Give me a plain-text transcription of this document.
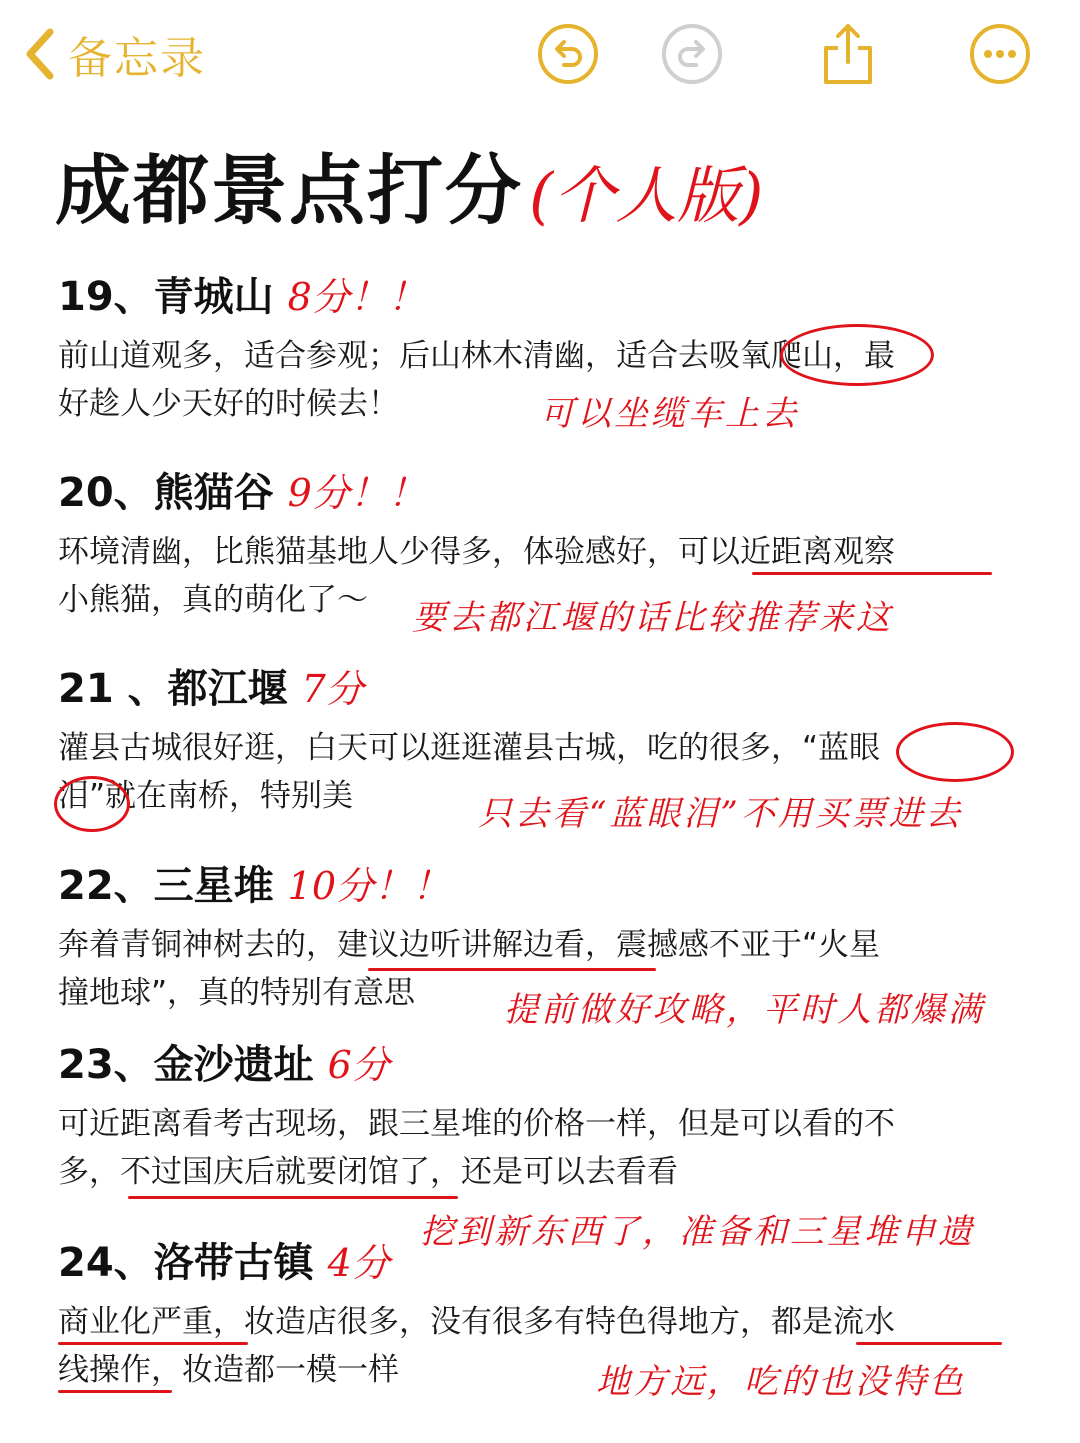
备忘录
成都景点打分 (个人版)
19、青城山 8分！！
前山道观多，适合参观；后山林木清幽，适合去吸氧爬山，最
好趁人少天好的时候去！	可以坐缆车上去
20、熊猫谷 9分！！
环境清幽，比熊猫基地人少得多，体验感好，可以近距离观察
小熊猫，真的萌化了～	要去都江堰的话比较推荐来这
21 、都江堰 7分
灌县古城很好逛，白天可以逛逛灌县古城，吃的很多，“蓝眼
泪”就在南桥，特别美	只去看“蓝眼泪”不用买票进去
22、三星堆 10分！！
奔着青铜神树去的，建议边听讲解边看，震撼感不亚于“火星
撞地球”，真的特别有意思	提前做好攻略，平时人都爆满
23、金沙遗址 6分
可近距离看考古现场，跟三星堆的价格一样，但是可以看的不
多，不过国庆后就要闭馆了，还是可以去看看
挖到新东西了，准备和三星堆申遗
24、洛带古镇 4分
商业化严重，妆造店很多，没有很多有特色得地方，都是流水
线操作，妆造都一模一样	地方远，吃的也没特色
